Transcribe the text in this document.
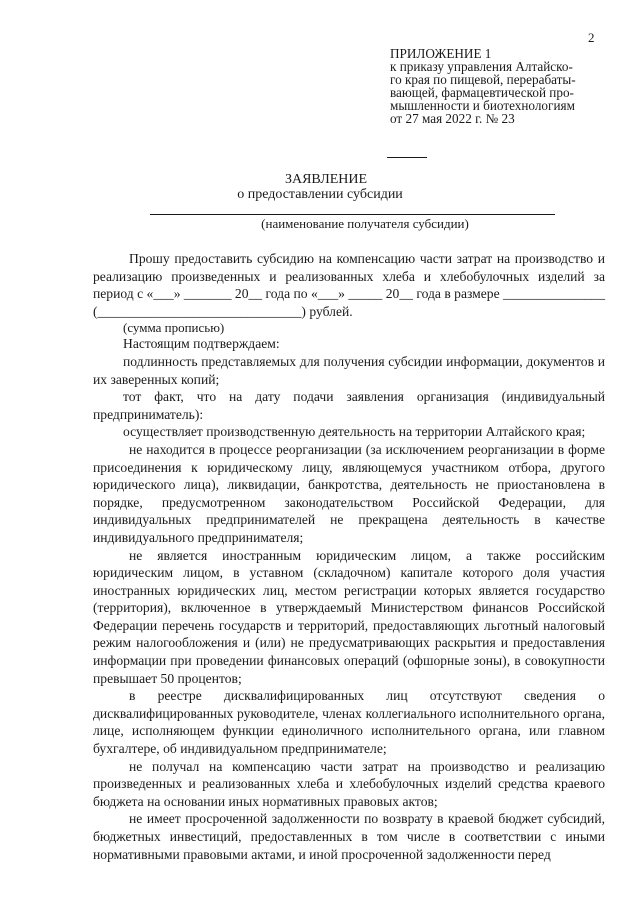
2
ПРИЛОЖЕНИЕ 1
к приказу управления Алтайско-
го края по пищевой, перерабаты-
вающей, фармацевтической про-
мышленности и биотехнологиям
от 27 мая 2022 г. № 23
ЗАЯВЛЕНИЕ
о предоставлении субсидии
(наименование получателя субсидии)

Прошу предоставить субсидию на компенсацию части затрат на производство и реализацию произведенных и реализованных хлеба и хлебобулочных изделий за период с «___» _______ 20__ года по «___» _____ 20__ года в размере _______________ (______________________________) рублей.

(сумма прописью)

Настоящим подтверждаем:

подлинность представляемых для получения субсидии информации, документов и их заверенных копий;

тот факт, что на дату подачи заявления организация (индивидуальный предприниматель):

осуществляет производственную деятельность на территории Алтайского края;

не находится в процессе реорганизации (за исключением реорганизации в форме присоединения к юридическому лицу, являющемуся участником отбора, другого юридического лица), ликвидации, банкротства, деятельность не приостановлена в порядке, предусмотренном законодательством Российской Федерации, для индивидуальных предпринимателей не прекращена деятельность в качестве индивидуального предпринимателя;

не является иностранным юридическим лицом, а также российским юридическим лицом, в уставном (складочном) капитале которого доля участия иностранных юридических лиц, местом регистрации которых является государство (территория), включенное в утверждаемый Министерством финансов Российской Федерации перечень государств и территорий, предоставляющих льготный налоговый режим налогообложения и (или) не предусматривающих раскрытия и предоставления информации при проведении финансовых операций (офшорные зоны), в совокупности превышает 50 процентов;

в реестре дисквалифицированных лиц отсутствуют сведения о дисквалифицированных руководителе, членах коллегиального исполнительного органа, лице, исполняющем функции единоличного исполнительного органа, или главном бухгалтере, об индивидуальном предпринимателе;

не получал на компенсацию части затрат на производство и реализацию произведенных и реализованных хлеба и хлебобулочных изделий средства краевого бюджета на основании иных нормативных правовых актов;

не имеет просроченной задолженности по возврату в краевой бюджет субсидий, бюджетных инвестиций, предоставленных в том числе в соответствии с иными нормативными правовыми актами, и иной просроченной задолженности перед
